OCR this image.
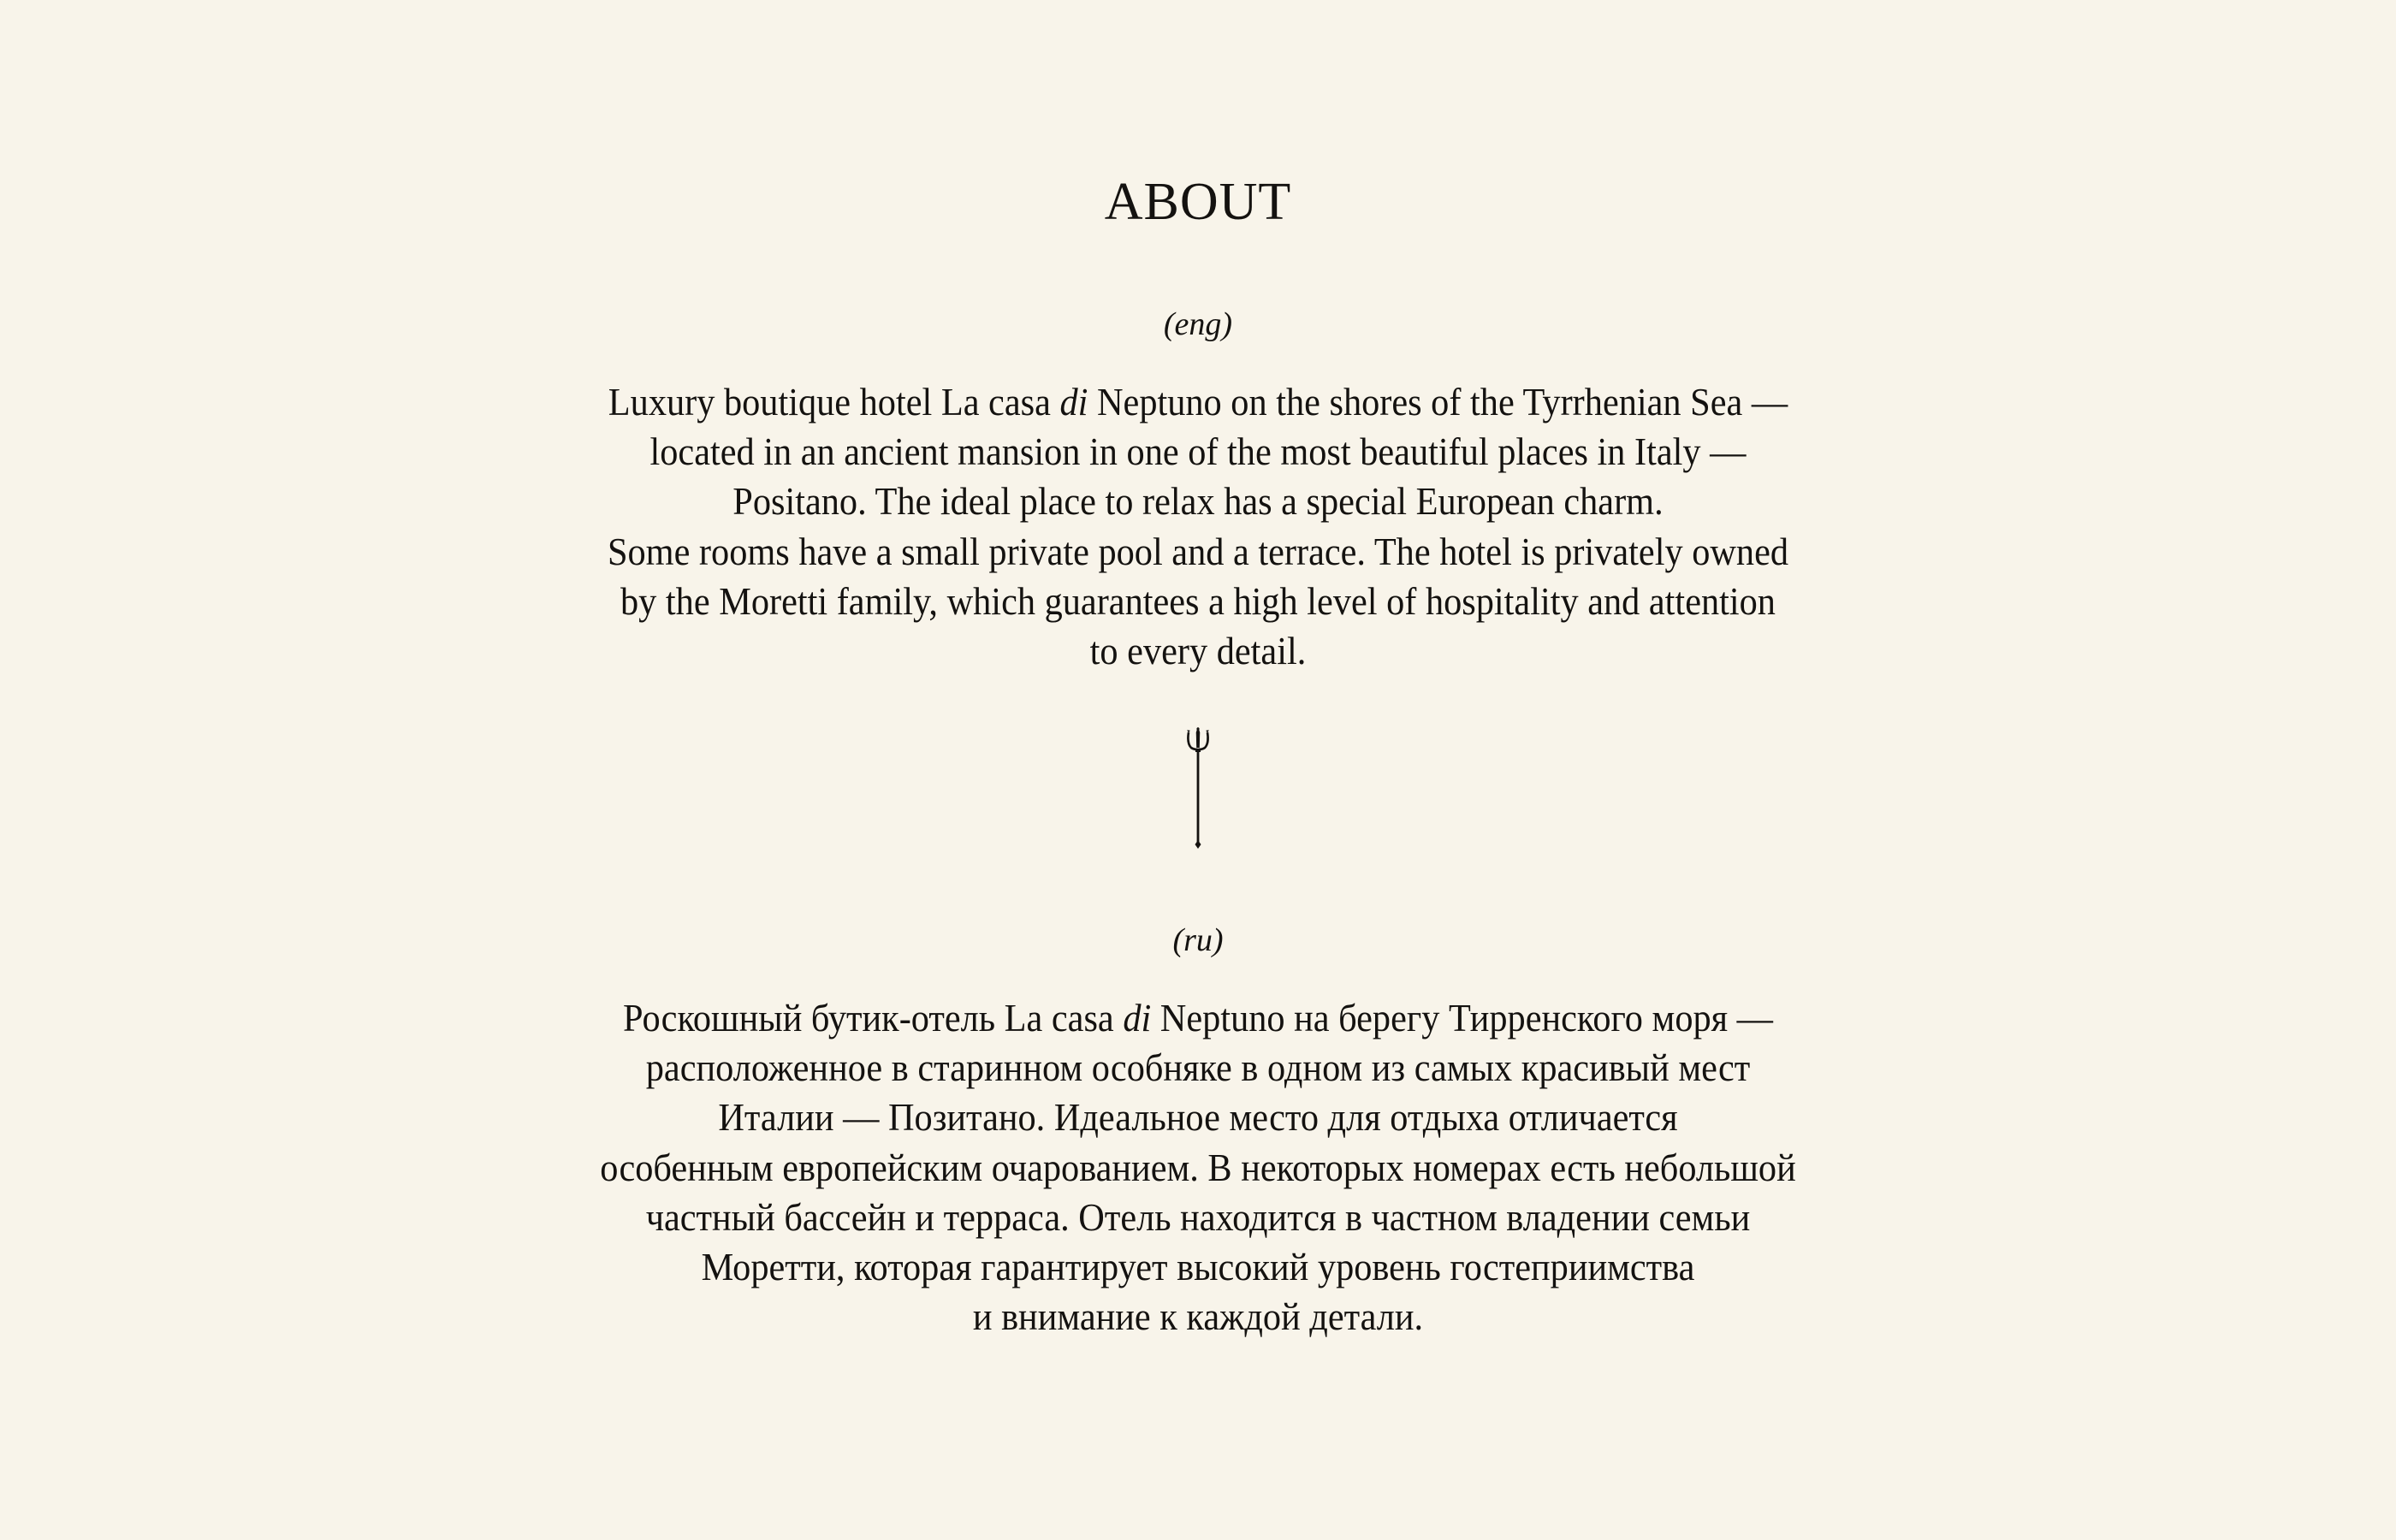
ABOUT
(eng)
Luxury boutique hotel La casa di Neptuno on the shores of the Tyrrhenian Sea —
located in an ancient mansion in one of the most beautiful places in Italy —
Positano. The ideal place to relax has a special European charm.
Some rooms have a small private pool and a terrace. The hotel is privately owned
by the Moretti family, which guarantees a high level of hospitality and attention
to every detail.
(ru)
Роскошный бутик-отель La casa di Neptuno на берегу Тирренского моря —
расположенное в старинном особняке в одном из самых красивый мест
Италии — Позитано. Идеальное место для отдыха отличается
особенным европейским очарованием. В некоторых номерах есть небольшой
частный бассейн и терраса. Отель находится в частном владении семьи
Моретти, которая гарантирует высокий уровень гостеприимства
и внимание к каждой детали.
